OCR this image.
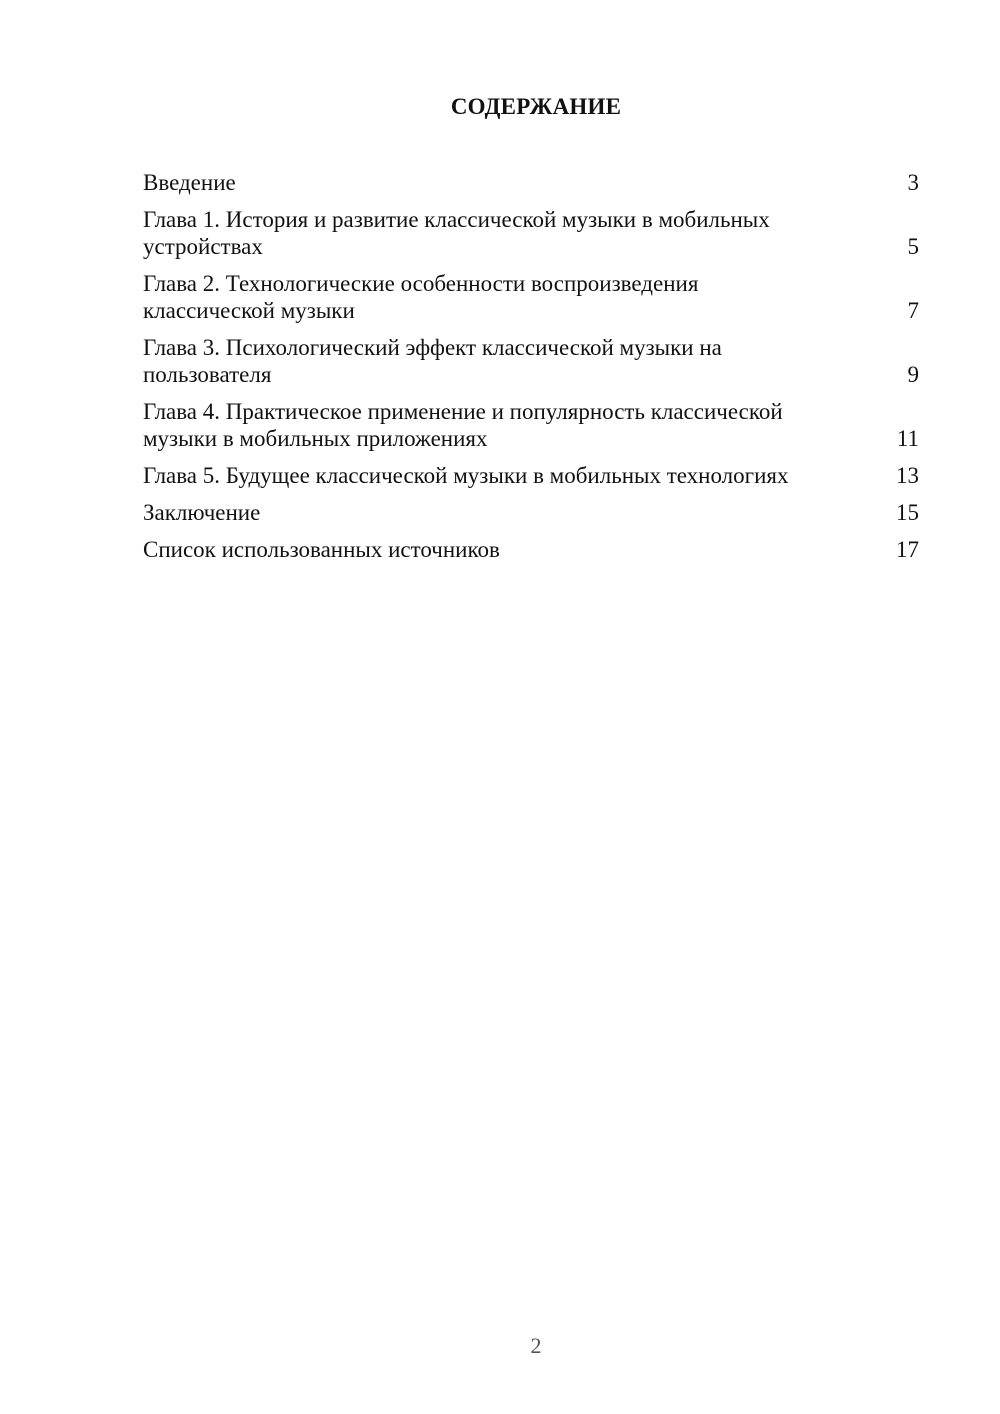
СОДЕРЖАНИЕ
Введение	3
Глава 1. История и развитие классической музыки в мобильных устройствах	5
Глава 2. Технологические особенности воспроизведения классической музыки	7
Глава 3. Психологический эффект классической музыки на пользователя	9
Глава 4. Практическое применение и популярность классической музыки в мобильных приложениях	11
Глава 5. Будущее классической музыки в мобильных технологиях	13
Заключение	15
Список использованных источников	17
2
